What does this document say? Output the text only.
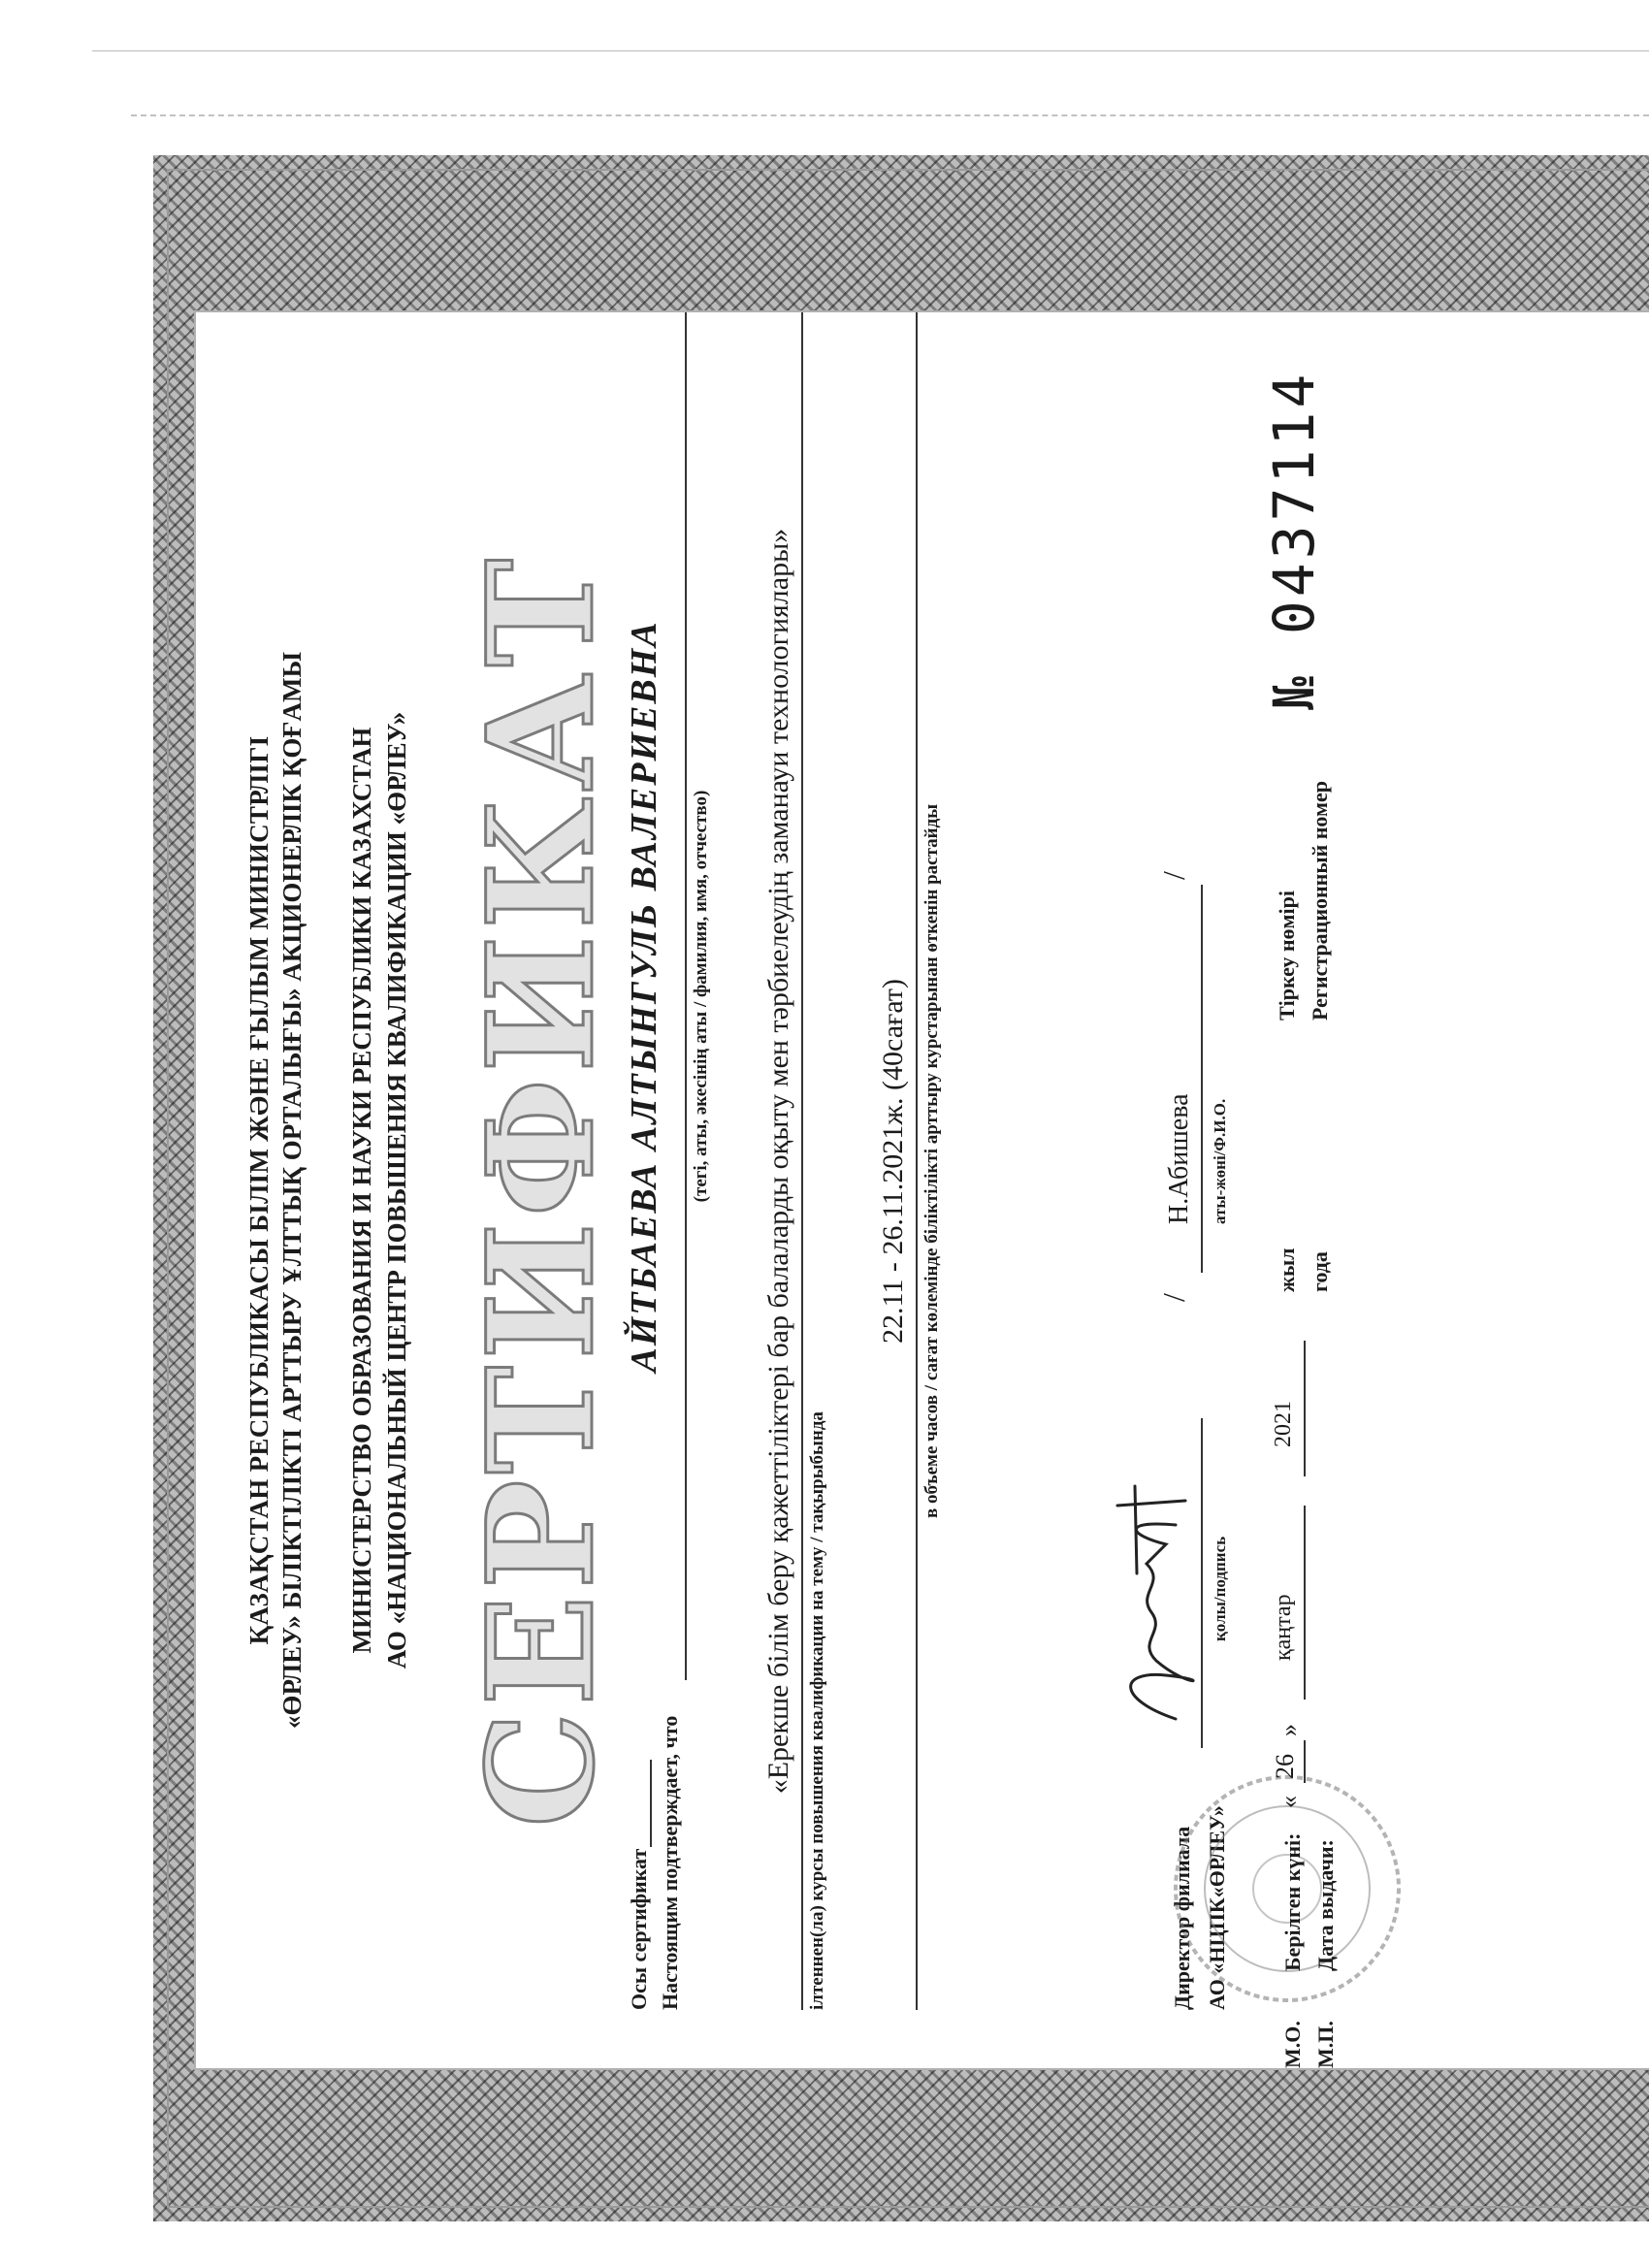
ҚАЗАҚСТАН РЕСПУБЛИКАСЫ БІЛІМ ЖӘНЕ ҒЫЛЫМ МИНИСТРЛІГІ «ӨРЛЕУ» БІЛІКТІЛІКТІ АРТТЫРУ ҰЛТТЫҚ ОРТАЛЫҒЫ» АКЦИОНЕРЛІК ҚОҒАМЫ МИНИСТЕРСТВО ОБРАЗОВАНИЯ И НАУКИ РЕСПУБЛИКИ КАЗАХСТАН АО «НАЦИОНАЛЬНЫЙ ЦЕНТР ПОВЫШЕНИЯ КВАЛИФИКАЦИИ «ӨРЛЕУ» СЕРТИФИКАТ
Осы сертификат Настоящим подтверждает, что
АЙТБАЕВА АЛТЫНГУЛЬ ВАЛЕРИЕВНА (тегі, аты, әкесінің аты / фамилия, имя, отчество) «Ерекше білім беру қажеттіліктері бар балаларды оқыту мен тәрбиелеудің заманауи технологиялары» ілтеннен(ла) курсы повышения квалификации на тему / тақырыбында
22.11 - 26.11.2021ж. (40сағат) в объеме часов / сағат көлемінде біліктілікті арттыру курстарынан өткенін растайды
Директор филиала АО «НЦПК«ӨРЛЕУ»
қолы/подпись
/
Н.Абишева аты-жөні/Ф.И.О.
/
М.О. М.П.
Берілген күні: Дата выдачи:
«
26
»
қаңтар
2021
жыл года
Тіркеу нөмірі Регистрационный номер
№ 0437114
